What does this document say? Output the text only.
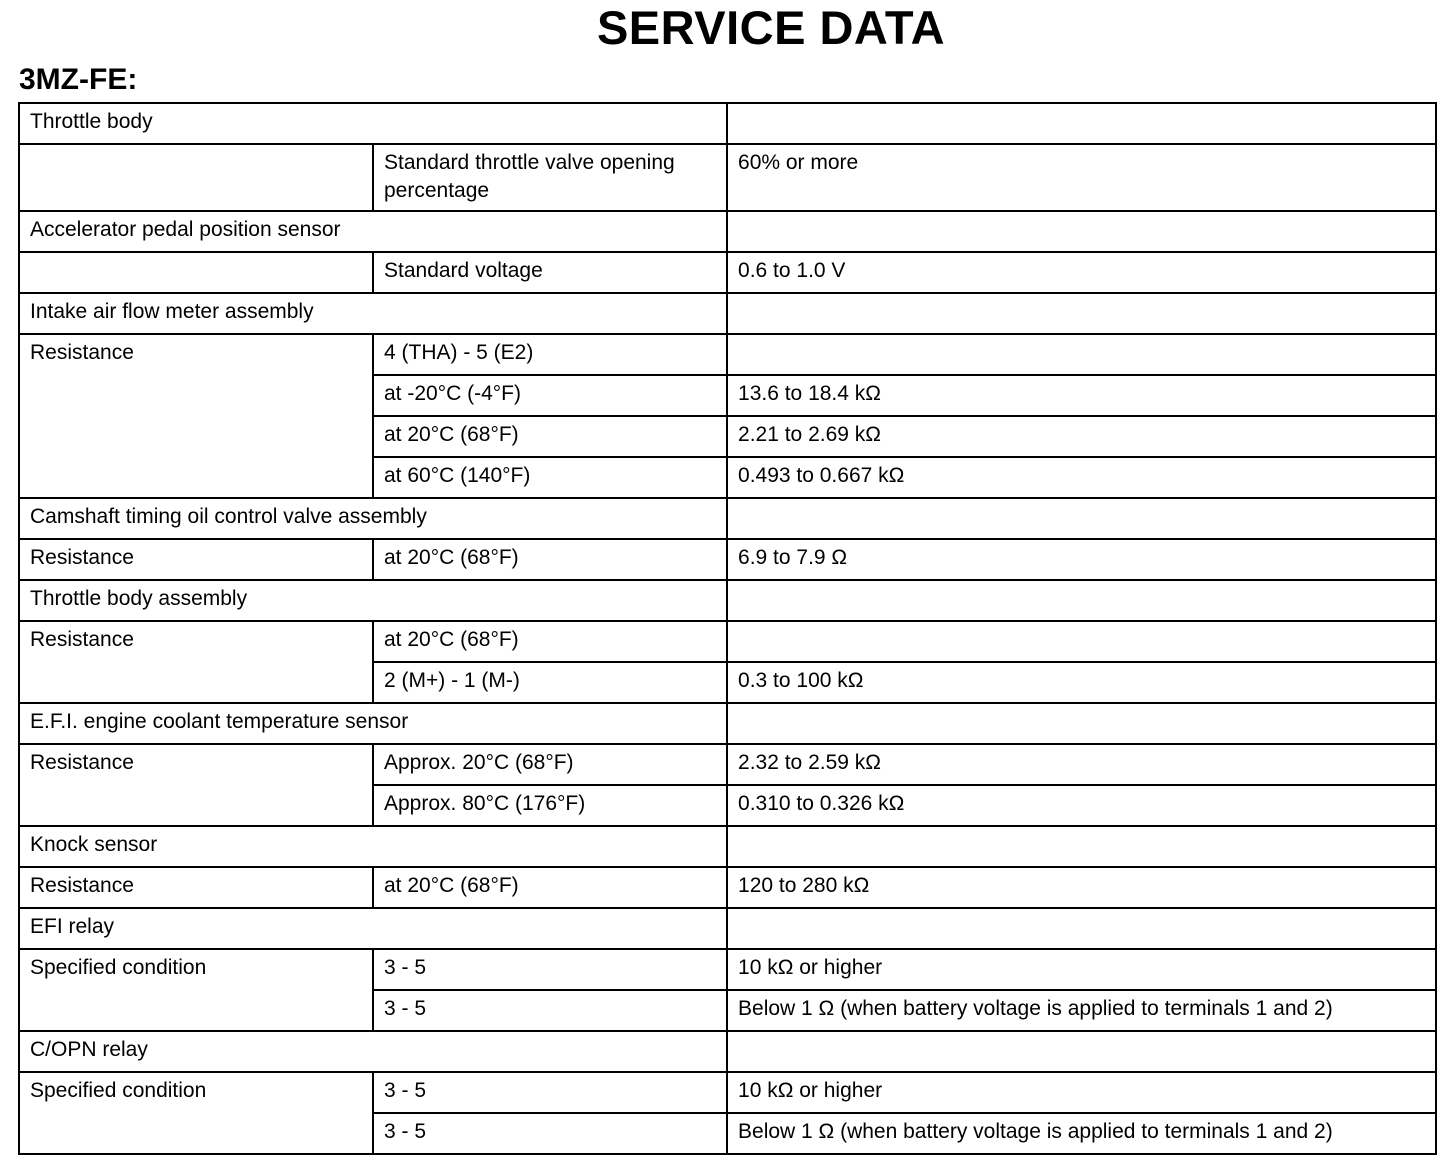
SERVICE DATA
3MZ-FE:
Throttle body		
	Standard throttle valve opening percentage	60% or more
Accelerator pedal position sensor		
	Standard voltage	0.6 to 1.0 V
Intake air flow meter assembly		
Resistance	4 (THA) - 5 (E2)	
	at -20°C (-4°F)	13.6 to 18.4 kΩ
	at 20°C (68°F)	2.21 to 2.69 kΩ
	at 60°C (140°F)	0.493 to 0.667 kΩ
Camshaft timing oil control valve assembly		
Resistance	at 20°C (68°F)	6.9 to 7.9 Ω
Throttle body assembly		
Resistance	at 20°C (68°F)	
	2 (M+) - 1 (M-)	0.3 to 100 kΩ
E.F.I. engine coolant temperature sensor		
Resistance	Approx. 20°C (68°F)	2.32 to 2.59 kΩ
	Approx. 80°C (176°F)	0.310 to 0.326 kΩ
Knock sensor		
Resistance	at 20°C (68°F)	120 to 280 kΩ
EFI relay		
Specified condition	3 - 5	10 kΩ or higher
	3 - 5	Below 1 Ω (when battery voltage is applied to terminals 1 and 2)
C/OPN relay		
Specified condition	3 - 5	10 kΩ or higher
	3 - 5	Below 1 Ω (when battery voltage is applied to terminals 1 and 2)
